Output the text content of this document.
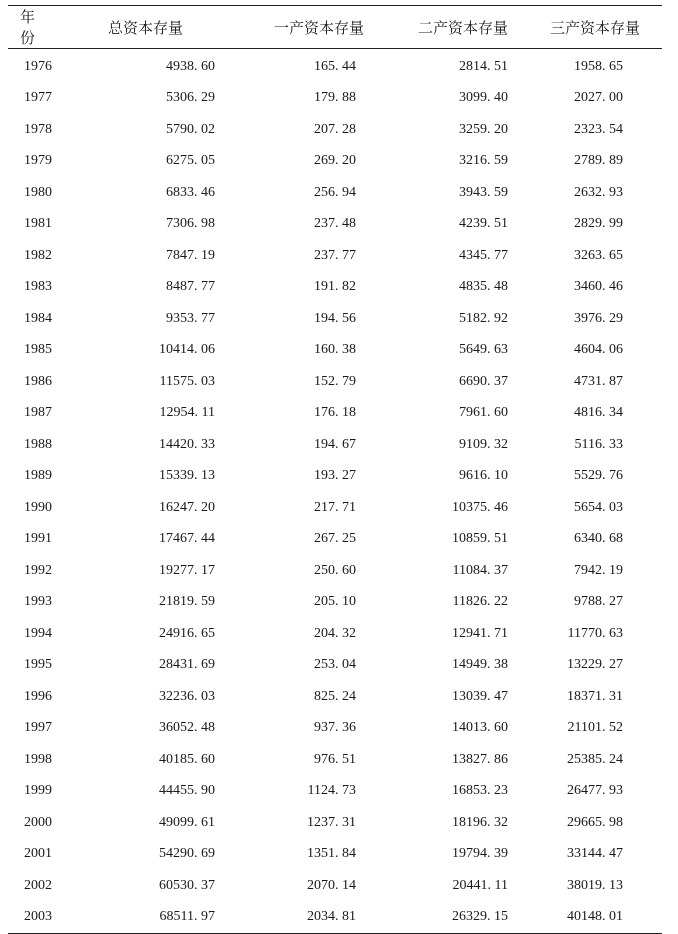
年 份	总资本存量	一产资本存量	二产资本存量	三产资本存量
1976	4938. 60	165. 44	2814. 51	1958. 65
1977	5306. 29	179. 88	3099. 40	2027. 00
1978	5790. 02	207. 28	3259. 20	2323. 54
1979	6275. 05	269. 20	3216. 59	2789. 89
1980	6833. 46	256. 94	3943. 59	2632. 93
1981	7306. 98	237. 48	4239. 51	2829. 99
1982	7847. 19	237. 77	4345. 77	3263. 65
1983	8487. 77	191. 82	4835. 48	3460. 46
1984	9353. 77	194. 56	5182. 92	3976. 29
1985	10414. 06	160. 38	5649. 63	4604. 06
1986	11575. 03	152. 79	6690. 37	4731. 87
1987	12954. 11	176. 18	7961. 60	4816. 34
1988	14420. 33	194. 67	9109. 32	5116. 33
1989	15339. 13	193. 27	9616. 10	5529. 76
1990	16247. 20	217. 71	10375. 46	5654. 03
1991	17467. 44	267. 25	10859. 51	6340. 68
1992	19277. 17	250. 60	11084. 37	7942. 19
1993	21819. 59	205. 10	11826. 22	9788. 27
1994	24916. 65	204. 32	12941. 71	11770. 63
1995	28431. 69	253. 04	14949. 38	13229. 27
1996	32236. 03	825. 24	13039. 47	18371. 31
1997	36052. 48	937. 36	14013. 60	21101. 52
1998	40185. 60	976. 51	13827. 86	25385. 24
1999	44455. 90	1124. 73	16853. 23	26477. 93
2000	49099. 61	1237. 31	18196. 32	29665. 98
2001	54290. 69	1351. 84	19794. 39	33144. 47
2002	60530. 37	2070. 14	20441. 11	38019. 13
2003	68511. 97	2034. 81	26329. 15	40148. 01
